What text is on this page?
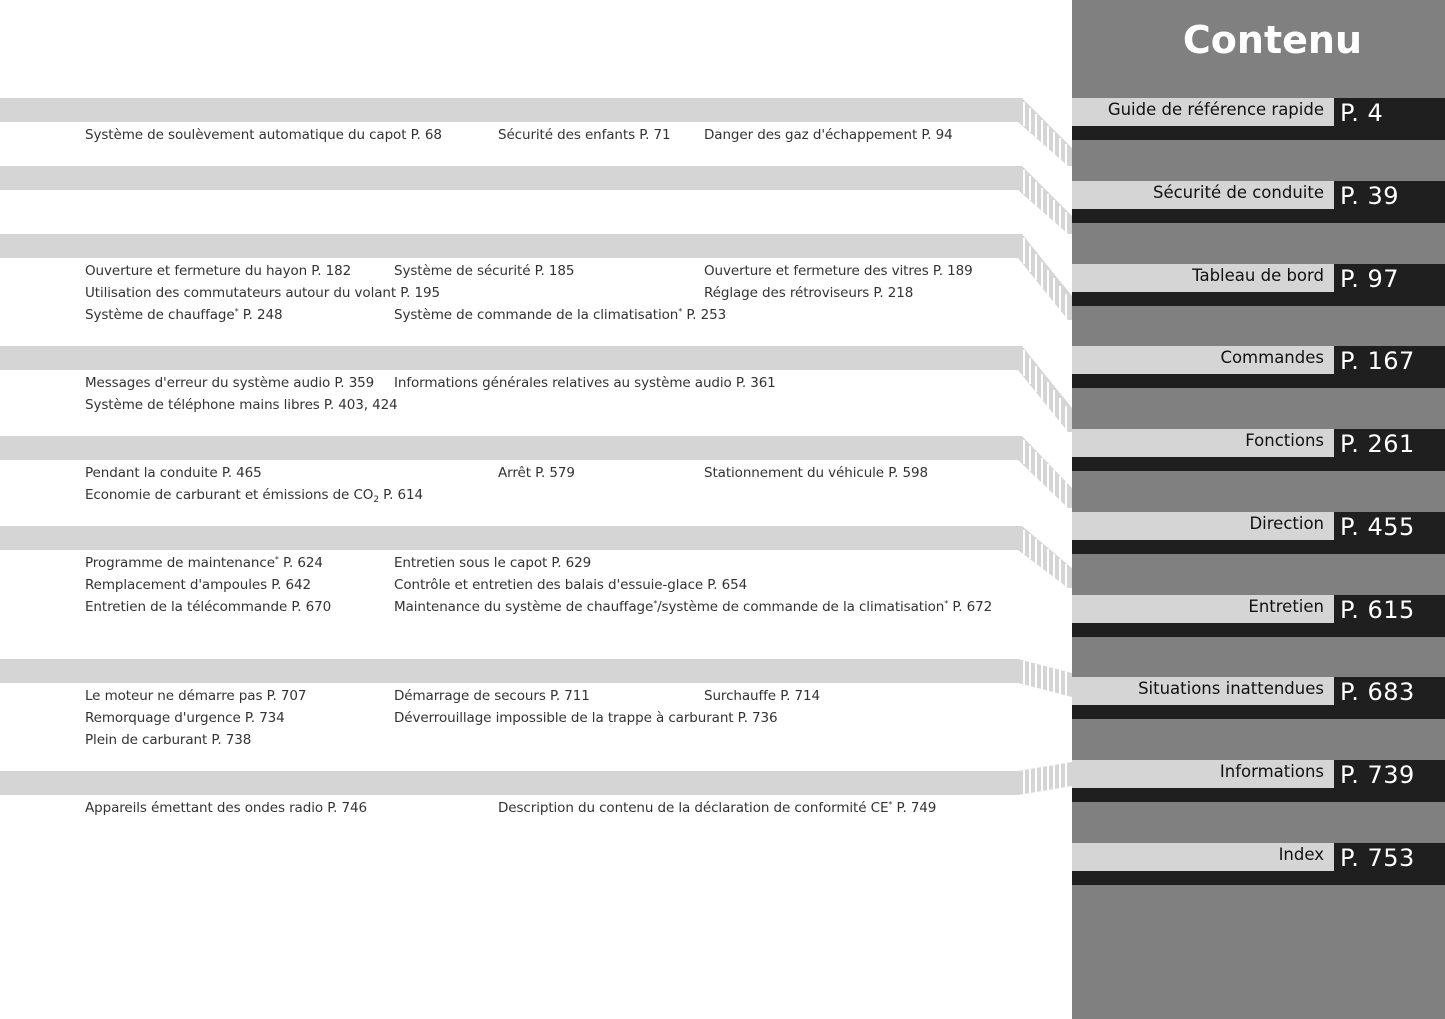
Système de soulèvement automatique du capot P. 68	Sécurité des enfants P. 71 Danger des gaz d'échappement P. 94
Ouverture et fermeture du hayon P. 182	Système de sécurité P. 185	Ouverture et fermeture des vitres P. 189
Utilisation des commutateurs autour du volant P. 195	Réglage des rétroviseurs P. 218
Système de chauffage* P. 248	Système de commande de la climatisation* P. 253
Messages d'erreur du système audio P. 359 Informations générales relatives au système audio P. 361
Système de téléphone mains libres P. 403, 424
Pendant la conduite P. 465	Arrêt P. 579	Stationnement du véhicule P. 598
Economie de carburant et émissions de $CO_2$ P. 614
Programme de maintenance* P. 624	Entretien sous le capot P. 629
Remplacement d'ampoules P. 642	Contrôle et entretien des balais d'essuie-glace P. 654
Entretien de la télécommande P. 670	Maintenance du système de chauffage*/système de commande de la climatisation* P. 672
Le moteur ne démarre pas P. 707	Démarrage de secours P. 711	Surchauffe P. 714
Remorquage d'urgence P. 734	Déverrouillage impossible de la trappe à carburant P. 736
Plein de carburant P. 738
Appareils émettant des ondes radio P. 746	Description du contenu de la déclaration de conformité CE* P. 749
Contenu
Guide de référence rapide P. 4
Sécurité de conduite P. 39
Tableau de bord P. 97
Commandes P. 167
Fonctions P. 261
Direction P. 455
Entretien P. 615
Situations inattendues P. 683
Informations P. 739
Index P. 753
